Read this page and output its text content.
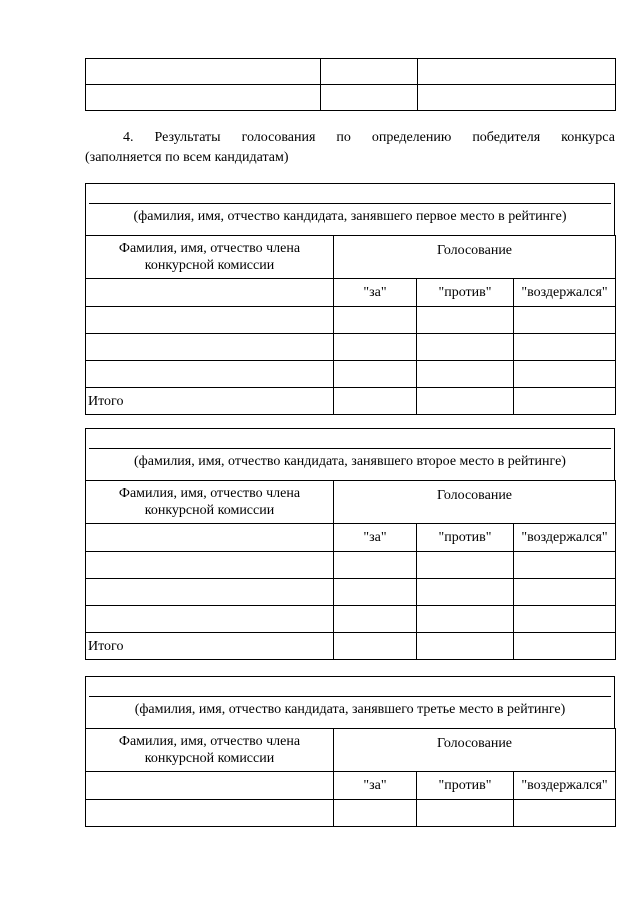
4. Результаты голосования по определению победителя конкурса
(заполняется по всем кандидатам)
(фамилия, имя, отчество кандидата, занявшего первое место в рейтинге)
Фамилия, имя, отчество члена конкурсной комиссии	Голосование		
	"за"	"против"	"воздержался"

Итого			
(фамилия, имя, отчество кандидата, занявшего второе место в рейтинге)
Фамилия, имя, отчество члена конкурсной комиссии	Голосование		
	"за"	"против"	"воздержался"

Итого			
(фамилия, имя, отчество кандидата, занявшего третье место в рейтинге)
Фамилия, имя, отчество члена конкурсной комиссии	Голосование		
	"за"	"против"	"воздержался"
